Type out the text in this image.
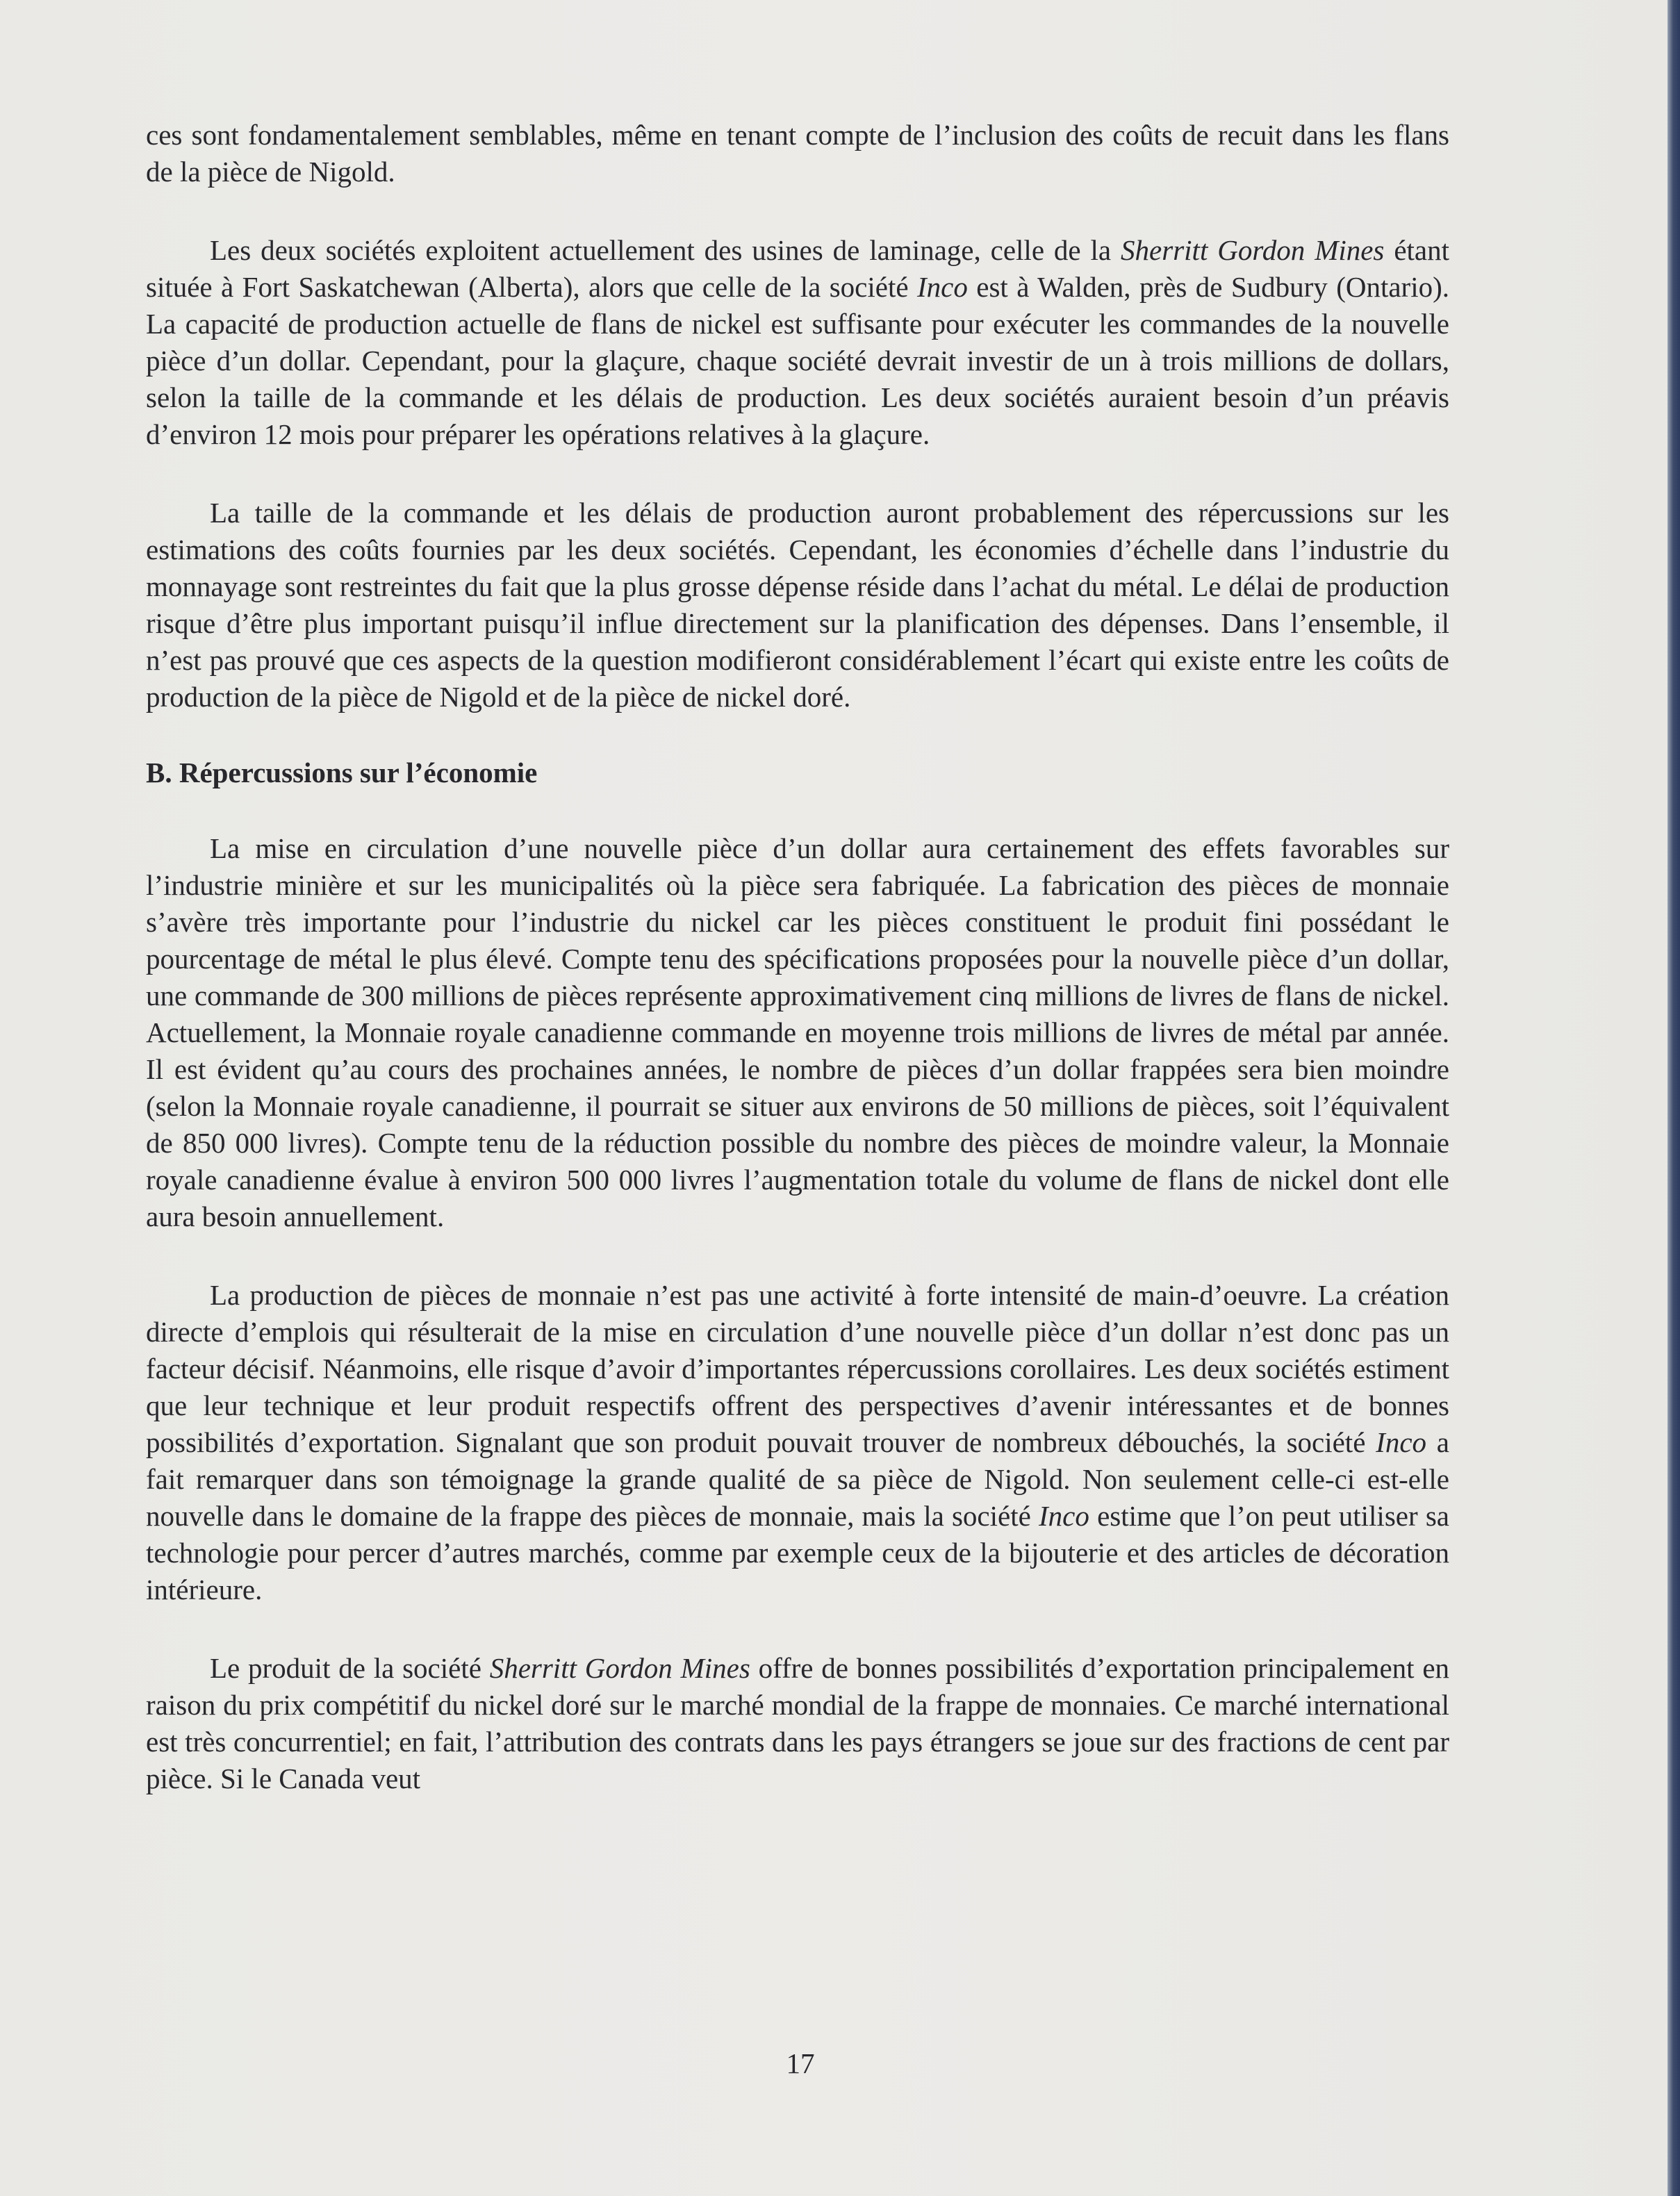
ces sont fondamentalement semblables, même en tenant compte de l’inclusion des coûts de recuit dans les flans de la pièce de Nigold.

Les deux sociétés exploitent actuellement des usines de laminage, celle de la Sherritt Gordon Mines étant située à Fort Saskatchewan (Alberta), alors que celle de la société Inco est à Walden, près de Sudbury (Ontario). La capacité de production actuelle de flans de nickel est suffisante pour exécuter les commandes de la nouvelle pièce d’un dollar. Cependant, pour la glaçure, chaque société devrait investir de un à trois millions de dollars, selon la taille de la commande et les délais de production. Les deux sociétés auraient besoin d’un préavis d’environ 12 mois pour préparer les opérations relatives à la glaçure.

La taille de la commande et les délais de production auront probablement des répercussions sur les estimations des coûts fournies par les deux sociétés. Cependant, les économies d’échelle dans l’industrie du monnayage sont restreintes du fait que la plus grosse dépense réside dans l’achat du métal. Le délai de production risque d’être plus important puisqu’il influe directement sur la planification des dépenses. Dans l’ensemble, il n’est pas prouvé que ces aspects de la question modifieront considérablement l’écart qui existe entre les coûts de production de la pièce de Nigold et de la pièce de nickel doré.

B. Répercussions sur l’économie

La mise en circulation d’une nouvelle pièce d’un dollar aura certainement des effets favorables sur l’industrie minière et sur les municipalités où la pièce sera fabriquée. La fabrication des pièces de monnaie s’avère très importante pour l’industrie du nickel car les pièces constituent le produit fini possédant le pourcentage de métal le plus élevé. Compte tenu des spécifications proposées pour la nouvelle pièce d’un dollar, une commande de 300 millions de pièces représente approximativement cinq millions de livres de flans de nickel. Actuellement, la Monnaie royale canadienne commande en moyenne trois millions de livres de métal par année. Il est évident qu’au cours des prochaines années, le nombre de pièces d’un dollar frappées sera bien moindre (selon la Monnaie royale canadienne, il pourrait se situer aux environs de 50 millions de pièces, soit l’équivalent de 850 000 livres). Compte tenu de la réduction possible du nombre des pièces de moindre valeur, la Monnaie royale canadienne évalue à environ 500 000 livres l’augmentation totale du volume de flans de nickel dont elle aura besoin annuellement.

La production de pièces de monnaie n’est pas une activité à forte intensité de main-d’oeuvre. La création directe d’emplois qui résulterait de la mise en circulation d’une nouvelle pièce d’un dollar n’est donc pas un facteur décisif. Néanmoins, elle risque d’avoir d’importantes répercussions corollaires. Les deux sociétés estiment que leur technique et leur produit respectifs offrent des perspectives d’avenir intéressantes et de bonnes possibilités d’exportation. Signalant que son produit pouvait trouver de nombreux débouchés, la société Inco a fait remarquer dans son témoignage la grande qualité de sa pièce de Nigold. Non seulement celle-ci est-elle nouvelle dans le domaine de la frappe des pièces de monnaie, mais la société Inco estime que l’on peut utiliser sa technologie pour percer d’autres marchés, comme par exemple ceux de la bijouterie et des articles de décoration intérieure.

Le produit de la société Sherritt Gordon Mines offre de bonnes possibilités d’exportation principalement en raison du prix compétitif du nickel doré sur le marché mondial de la frappe de monnaies. Ce marché international est très concurrentiel; en fait, l’attribution des contrats dans les pays étrangers se joue sur des fractions de cent par pièce. Si le Canada veut

17
